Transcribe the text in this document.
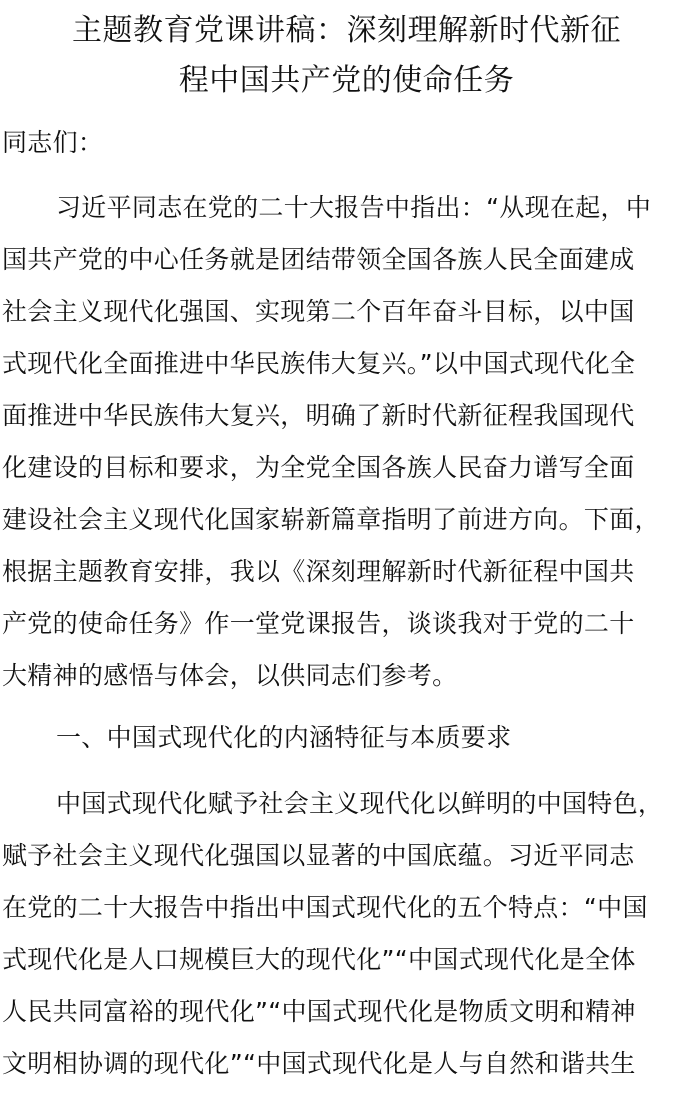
主题教育党课讲稿：深刻理解新时代新征
程中国共产党的使命任务
同志们：
习近平同志在党的二十大报告中指出：“从现在起，中
国共产党的中心任务就是团结带领全国各族人民全面建成
社会主义现代化强国、实现第二个百年奋斗目标，以中国
式现代化全面推进中华民族伟大复兴。”以中国式现代化全
面推进中华民族伟大复兴，明确了新时代新征程我国现代
化建设的目标和要求，为全党全国各族人民奋力谱写全面
建设社会主义现代化国家崭新篇章指明了前进方向。下面，
根据主题教育安排，我以《深刻理解新时代新征程中国共
产党的使命任务》作一堂党课报告，谈谈我对于党的二十
大精神的感悟与体会，以供同志们参考。
一、中国式现代化的内涵特征与本质要求
中国式现代化赋予社会主义现代化以鲜明的中国特色，
赋予社会主义现代化强国以显著的中国底蕴。习近平同志
在党的二十大报告中指出中国式现代化的五个特点：“中国
式现代化是人口规模巨大的现代化”“中国式现代化是全体
人民共同富裕的现代化”“中国式现代化是物质文明和精神
文明相协调的现代化”“中国式现代化是人与自然和谐共生
